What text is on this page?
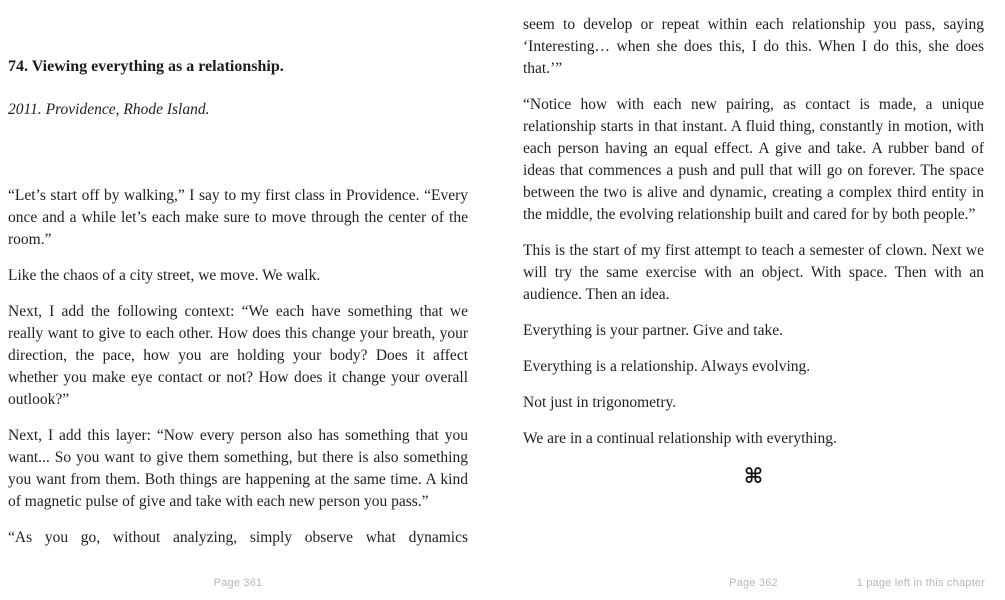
74. Viewing everything as a relationship.
2011. Providence, Rhode Island.

“Let’s start off by walking,” I say to my first class in Providence. “Every once and a while let’s each make sure to move through the center of the room.”

Like the chaos of a city street, we move. We walk.

Next, I add the following context: “We each have something that we really want to give to each other. How does this change your breath, your direction, the pace, how you are holding your body? Does it affect whether you make eye contact or not? How does it change your overall outlook?”

Next, I add this layer: “Now every person also has something that you want... So you want to give them something, but there is also something you want from them. Both things are happening at the same time. A kind of magnetic pulse of give and take with each new person you pass.”

“As you go, without analyzing, simply observe what dynamics

seem to develop or repeat within each relationship you pass, saying ‘Interesting… when she does this, I do this. When I do this, she does that.’”

“Notice how with each new pairing, as contact is made, a unique relationship starts in that instant. A fluid thing, constantly in motion, with each person having an equal effect. A give and take. A rubber band of ideas that commences a push and pull that will go on forever. The space between the two is alive and dynamic, creating a complex third entity in the middle, the evolving relationship built and cared for by both people.”

This is the start of my first attempt to teach a semester of clown. Next we will try the same exercise with an object. With space. Then with an audience. Then an idea.

Everything is your partner. Give and take.

Everything is a relationship. Always evolving.

Not just in trigonometry.

We are in a continual relationship with everything.

⌘
Page 361	Page 362	1 page left in this chapter
